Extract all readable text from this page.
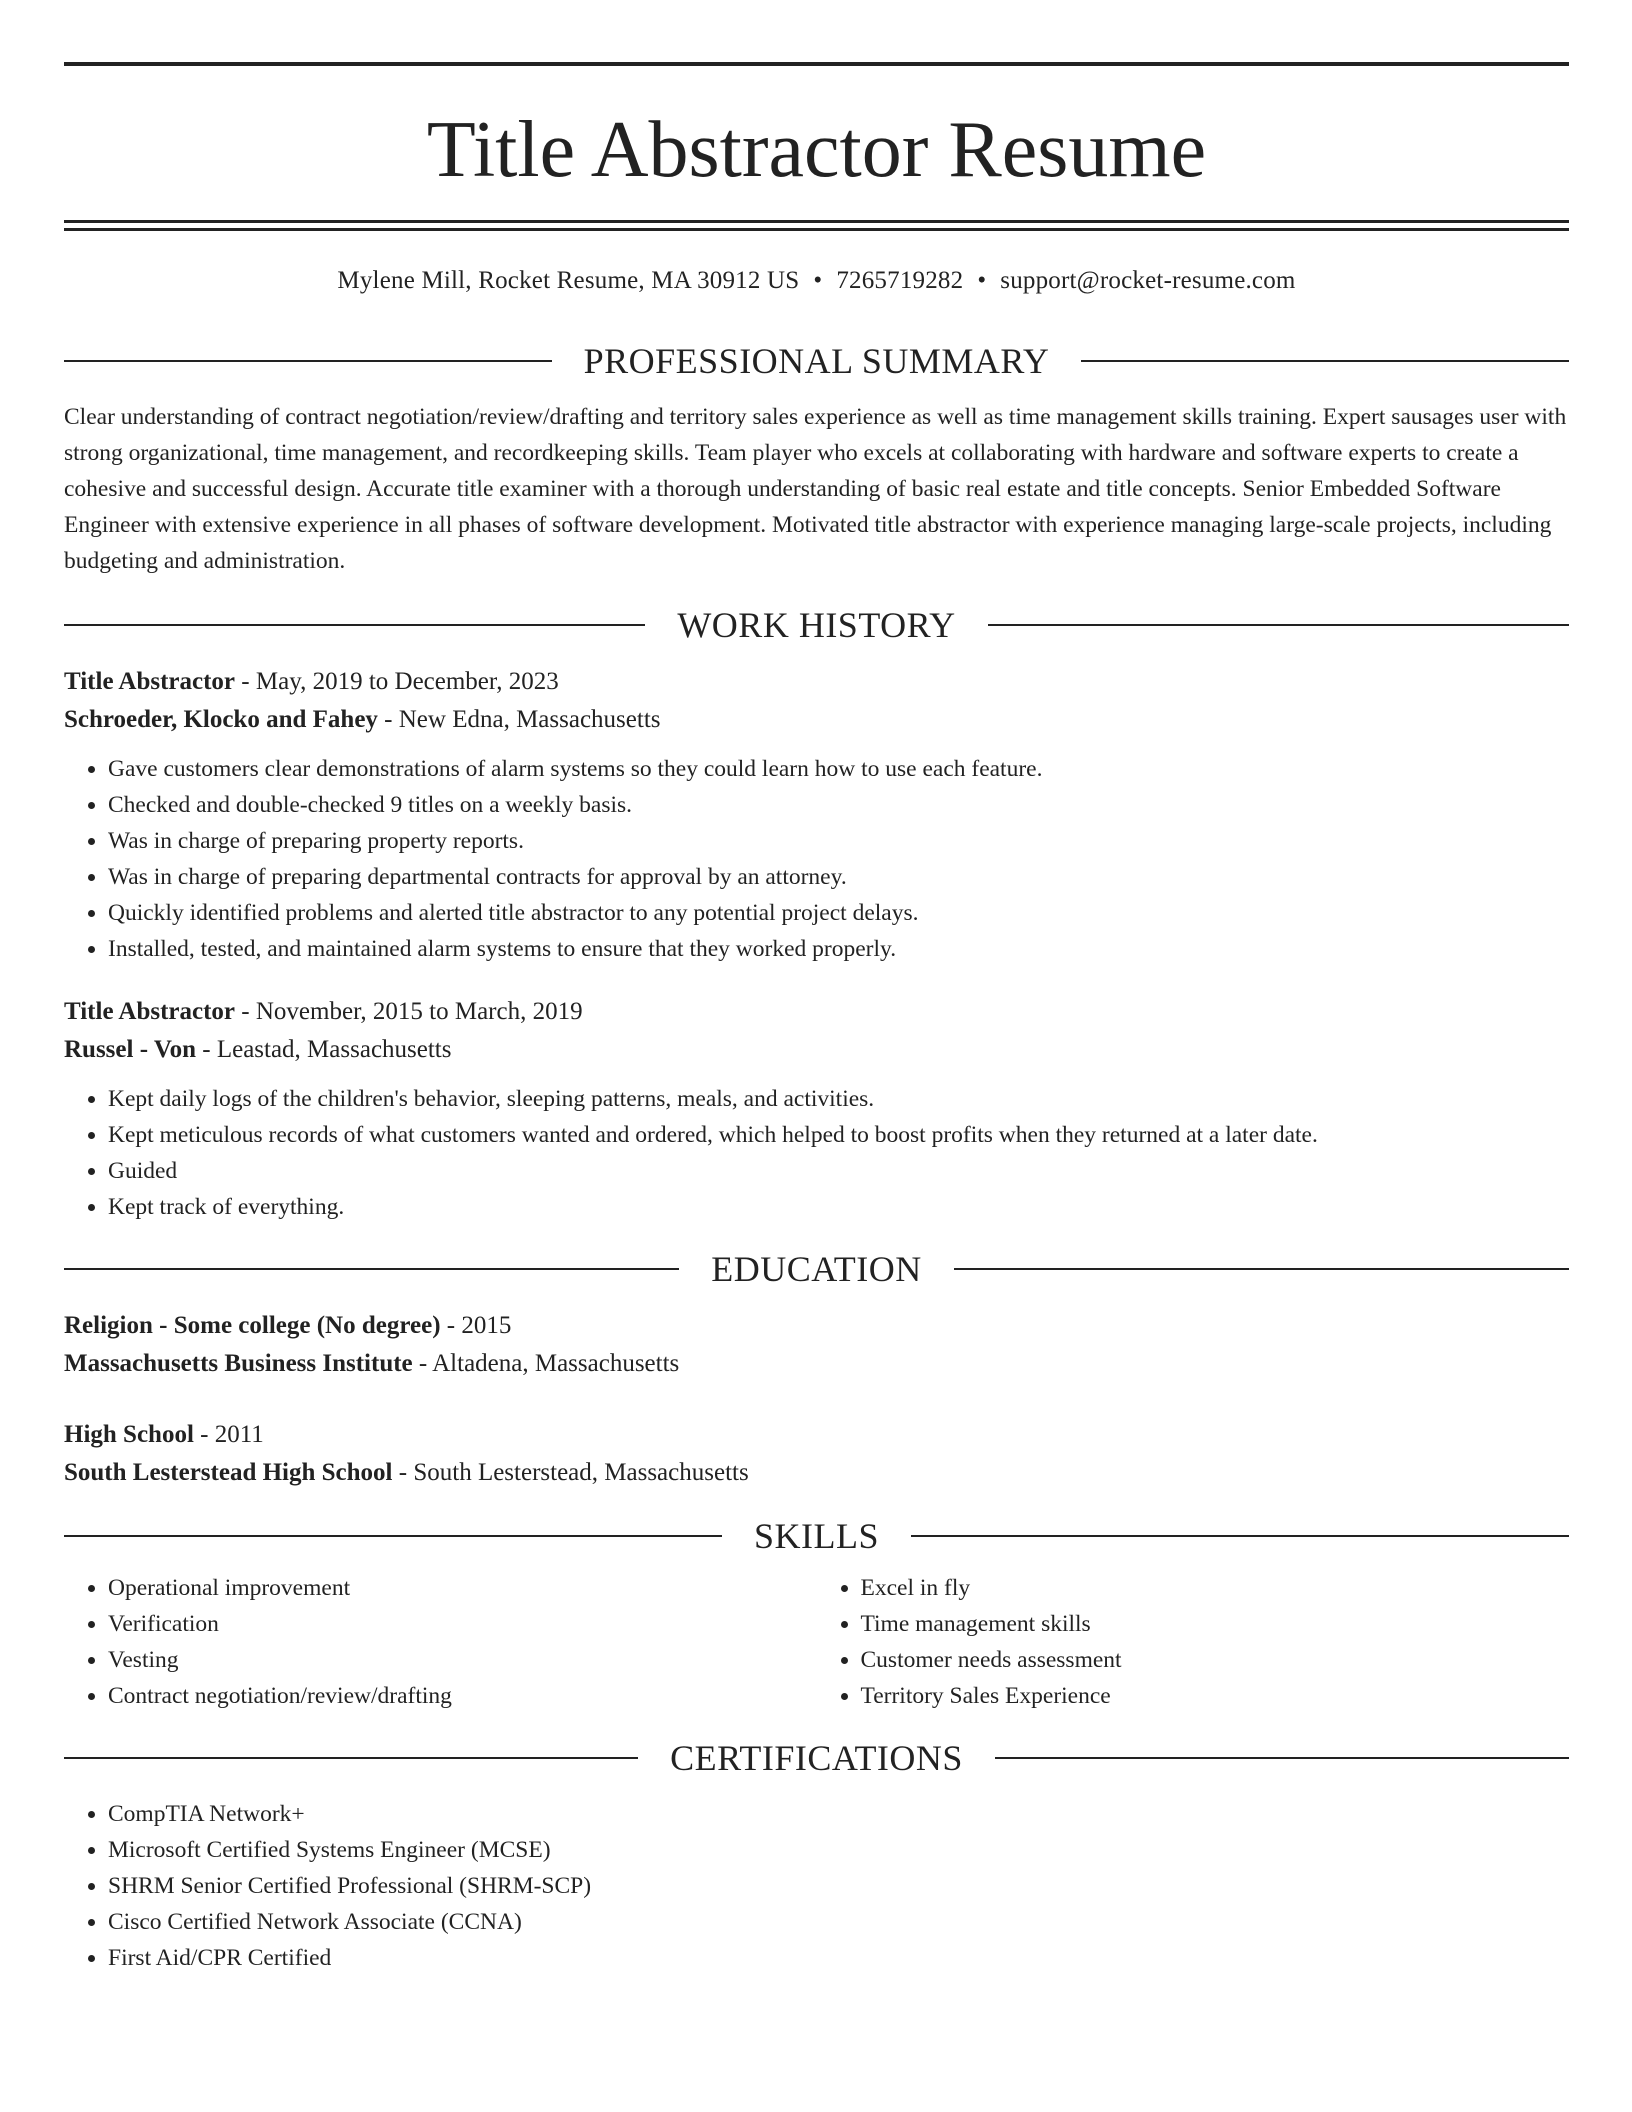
Title Abstractor Resume
Mylene Mill, Rocket Resume, MA 30912 US • 7265719282 • support@rocket-resume.com
PROFESSIONAL SUMMARY
Clear understanding of contract negotiation/review/drafting and territory sales experience as well as time management skills training. Expert sausages user with strong organizational, time management, and recordkeeping skills. Team player who excels at collaborating with hardware and software experts to create a cohesive and successful design. Accurate title examiner with a thorough understanding of basic real estate and title concepts. Senior Embedded Software Engineer with extensive experience in all phases of software development. Motivated title abstractor with experience managing large-scale projects, including budgeting and administration.
WORK HISTORY
Title Abstractor - May, 2019 to December, 2023
Schroeder, Klocko and Fahey - New Edna, Massachusetts
• Gave customers clear demonstrations of alarm systems so they could learn how to use each feature.
• Checked and double-checked 9 titles on a weekly basis.
• Was in charge of preparing property reports.
• Was in charge of preparing departmental contracts for approval by an attorney.
• Quickly identified problems and alerted title abstractor to any potential project delays.
• Installed, tested, and maintained alarm systems to ensure that they worked properly.
Title Abstractor - November, 2015 to March, 2019
Russel - Von - Leastad, Massachusetts
• Kept daily logs of the children's behavior, sleeping patterns, meals, and activities.
• Kept meticulous records of what customers wanted and ordered, which helped to boost profits when they returned at a later date.
• Guided
• Kept track of everything.
EDUCATION
Religion - Some college (No degree) - 2015
Massachusetts Business Institute - Altadena, Massachusetts
High School - 2011
South Lesterstead High School - South Lesterstead, Massachusetts
SKILLS
• Operational improvement
• Verification
• Vesting
• Contract negotiation/review/drafting
• Excel in fly
• Time management skills
• Customer needs assessment
• Territory Sales Experience
CERTIFICATIONS
• CompTIA Network+
• Microsoft Certified Systems Engineer (MCSE)
• SHRM Senior Certified Professional (SHRM-SCP)
• Cisco Certified Network Associate (CCNA)
• First Aid/CPR Certified
